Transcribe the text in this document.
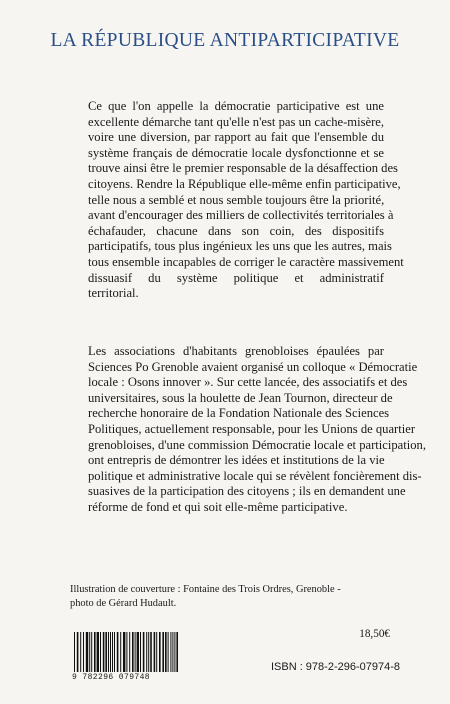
LA RÉPUBLIQUE ANTIPARTICIPATIVE

Ce que l'on appelle la démocratie participative est une
excellente démarche tant qu'elle n'est pas un cache-misère,
voire une diversion, par rapport au fait que l'ensemble du
système français de démocratie locale dysfonctionne et se
trouve ainsi être le premier responsable de la désaffection des
citoyens. Rendre la République elle-même enfin participative,
telle nous a semblé et nous semble toujours être la priorité,
avant d'encourager des milliers de collectivités territoriales à
échafauder, chacune dans son coin, des dispositifs
participatifs, tous plus ingénieux les uns que les autres, mais
tous ensemble incapables de corriger le caractère massivement
dissuasif du système politique et administratif
territorial.

Les associations d'habitants grenobloises épaulées par
Sciences Po Grenoble avaient organisé un colloque « Démocratie
locale : Osons innover ». Sur cette lancée, des associatifs et des
universitaires, sous la houlette de Jean Tournon, directeur de
recherche honoraire de la Fondation Nationale des Sciences
Politiques, actuellement responsable, pour les Unions de quartier
grenobloises, d'une commission Démocratie locale et participation,
ont entrepris de démontrer les idées et institutions de la vie
politique et administrative locale qui se révèlent foncièrement dis-
suasives de la participation des citoyens ; ils en demandent une
réforme de fond et qui soit elle-même participative.

Illustration de couverture : Fontaine des Trois Ordres, Grenoble -
photo de Gérard Hudault.
18,50€
9 782296 079748
ISBN : 978-2-296-07974-8
